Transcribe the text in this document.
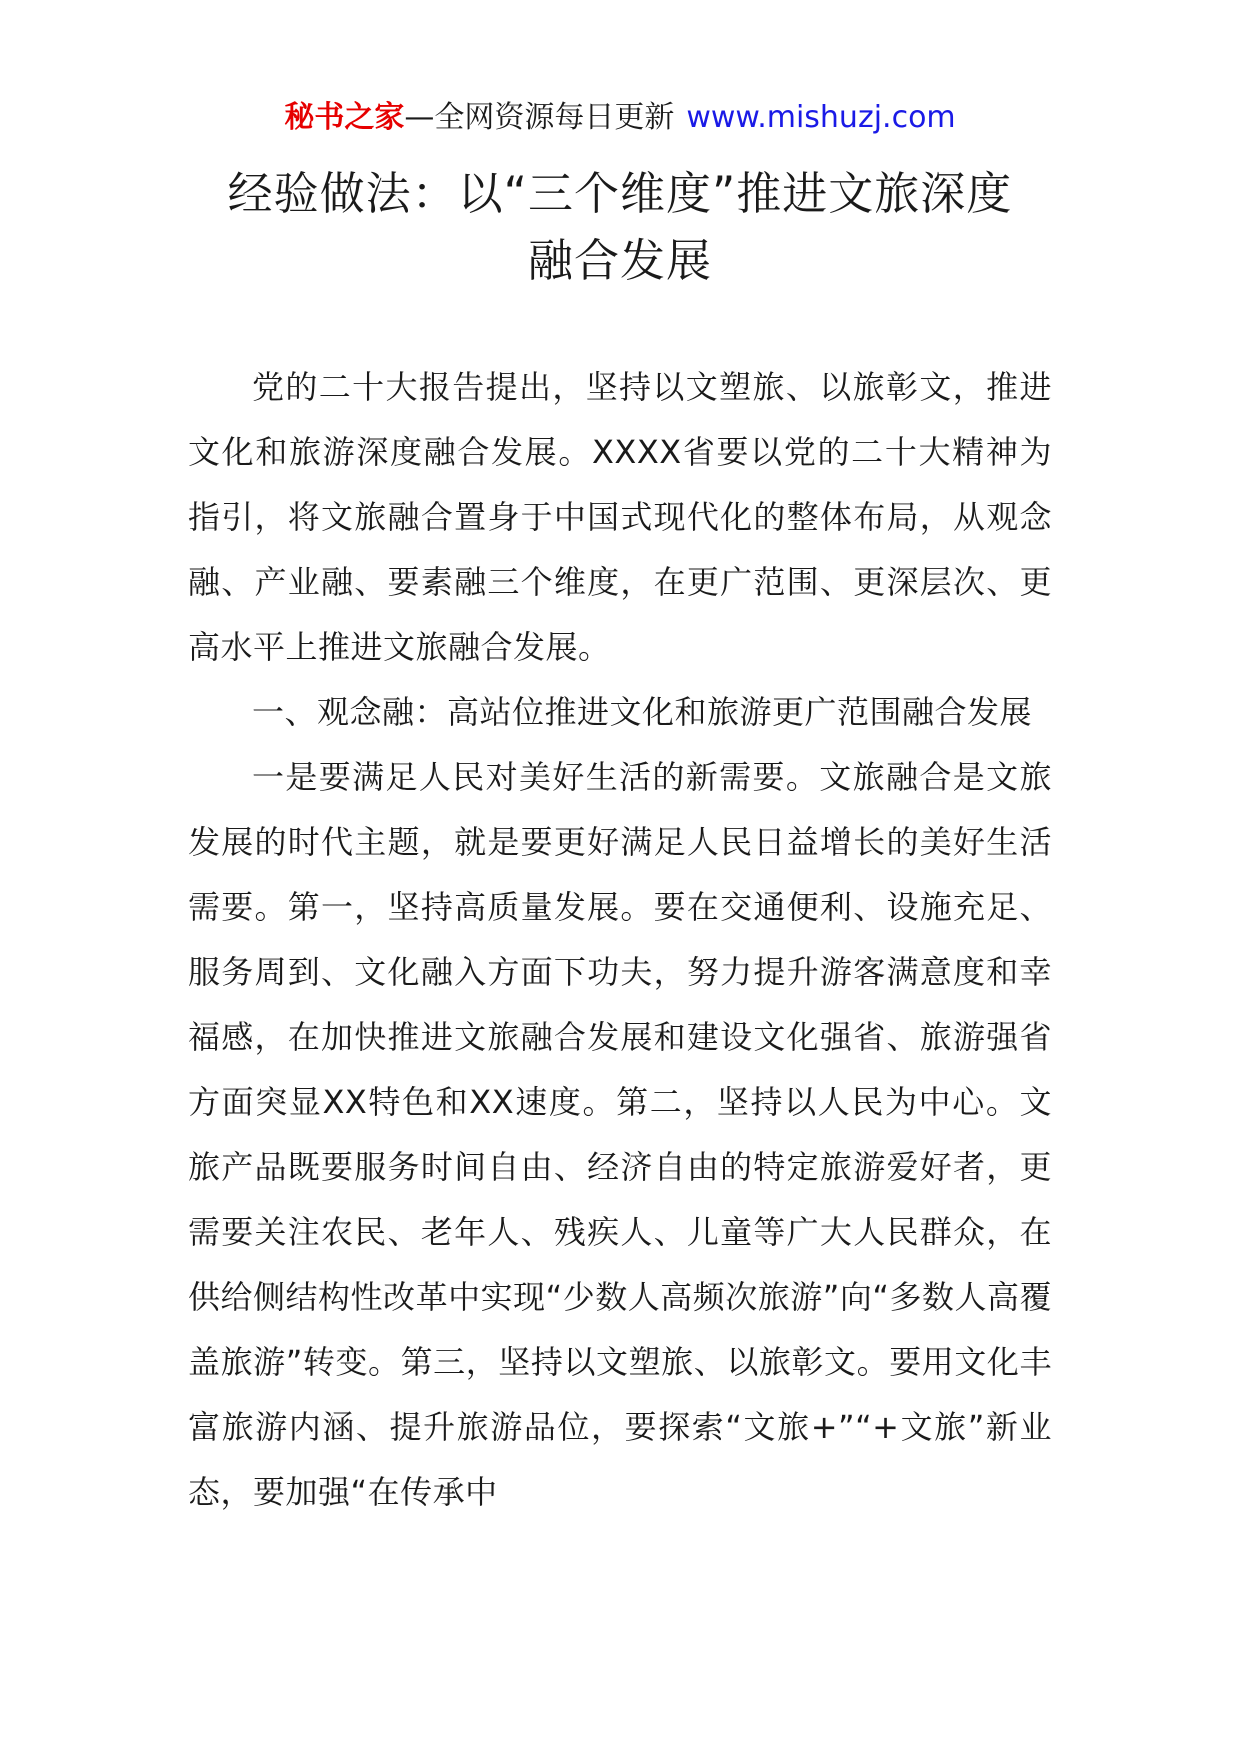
秘书之家—全网资源每日更新 www.mishuzj.com
经验做法：以“三个维度”推进文旅深度
融合发展

党的二十大报告提出，坚持以文塑旅、以旅彰文，推进文化和旅游深度融合发展。XXXX省要以党的二十大精神为指引，将文旅融合置身于中国式现代化的整体布局，从观念融、产业融、要素融三个维度，在更广范围、更深层次、更高水平上推进文旅融合发展。

一、观念融：高站位推进文化和旅游更广范围融合发展

一是要满足人民对美好生活的新需要。文旅融合是文旅发展的时代主题，就是要更好满足人民日益增长的美好生活需要。第一，坚持高质量发展。要在交通便利、设施充足、服务周到、文化融入方面下功夫，努力提升游客满意度和幸福感，在加快推进文旅融合发展和建设文化强省、旅游强省方面突显XX特色和XX速度。第二，坚持以人民为中心。文旅产品既要服务时间自由、经济自由的特定旅游爱好者，更需要关注农民、老年人、残疾人、儿童等广大人民群众，在供给侧结构性改革中实现“少数人高频次旅游”向“多数人高覆盖旅游”转变。第三，坚持以文塑旅、以旅彰文。要用文化丰富旅游内涵、提升旅游品位，要探索“文旅+”“+文旅”新业态，要加强“在传承中
